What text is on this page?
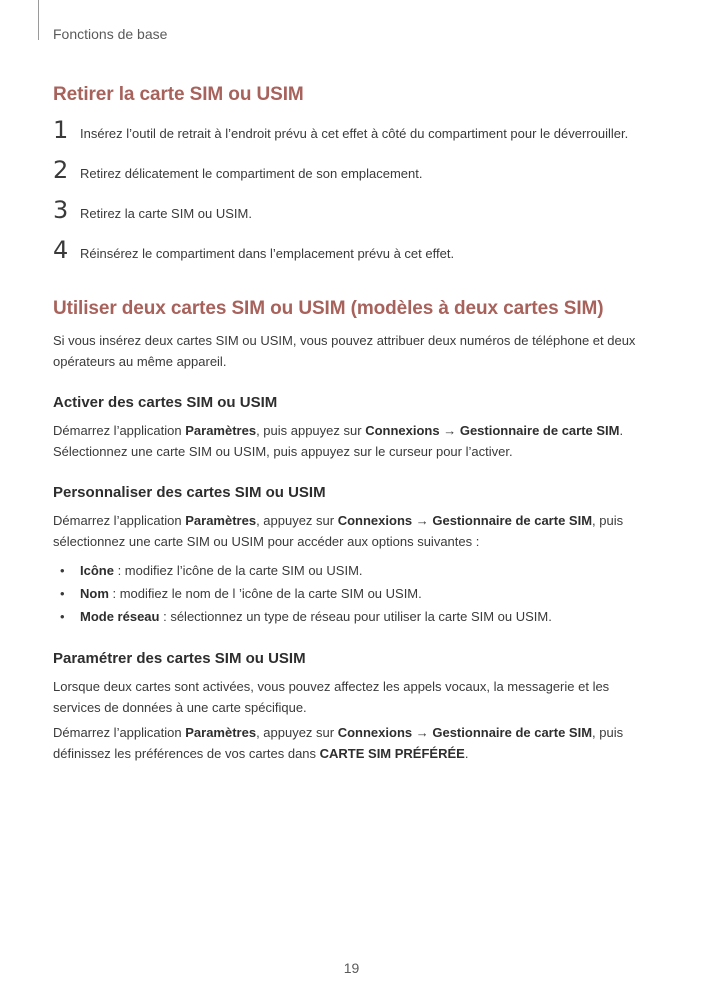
Fonctions de base
Retirer la carte SIM ou USIM
1 Insérez l’outil de retrait à l’endroit prévu à cet effet à côté du compartiment pour le déverrouiller.
2 Retirez délicatement le compartiment de son emplacement.
3 Retirez la carte SIM ou USIM.
4 Réinsérez le compartiment dans l’emplacement prévu à cet effet.
Utiliser deux cartes SIM ou USIM (modèles à deux cartes SIM)

Si vous insérez deux cartes SIM ou USIM, vous pouvez attribuer deux numéros de téléphone et deux opérateurs au même appareil.

Activer des cartes SIM ou USIM

Démarrez l’application Paramètres, puis appuyez sur Connexions → Gestionnaire de carte SIM.

Sélectionnez une carte SIM ou USIM, puis appuyez sur le curseur pour l’activer.

Personnaliser des cartes SIM ou USIM

Démarrez l’application Paramètres, appuyez sur Connexions → Gestionnaire de carte SIM, puis sélectionnez une carte SIM ou USIM pour accéder aux options suivantes :

• Icône : modifiez l’icône de la carte SIM ou USIM.
• Nom : modifiez le nom de l ’icône de la carte SIM ou USIM.
• Mode réseau : sélectionnez un type de réseau pour utiliser la carte SIM ou USIM.
Paramétrer des cartes SIM ou USIM

Lorsque deux cartes sont activées, vous pouvez affectez les appels vocaux, la messagerie et les services de données à une carte spécifique.

Démarrez l’application Paramètres, appuyez sur Connexions → Gestionnaire de carte SIM, puis définissez les préférences de vos cartes dans CARTE SIM PRÉFÉRÉE.

19
